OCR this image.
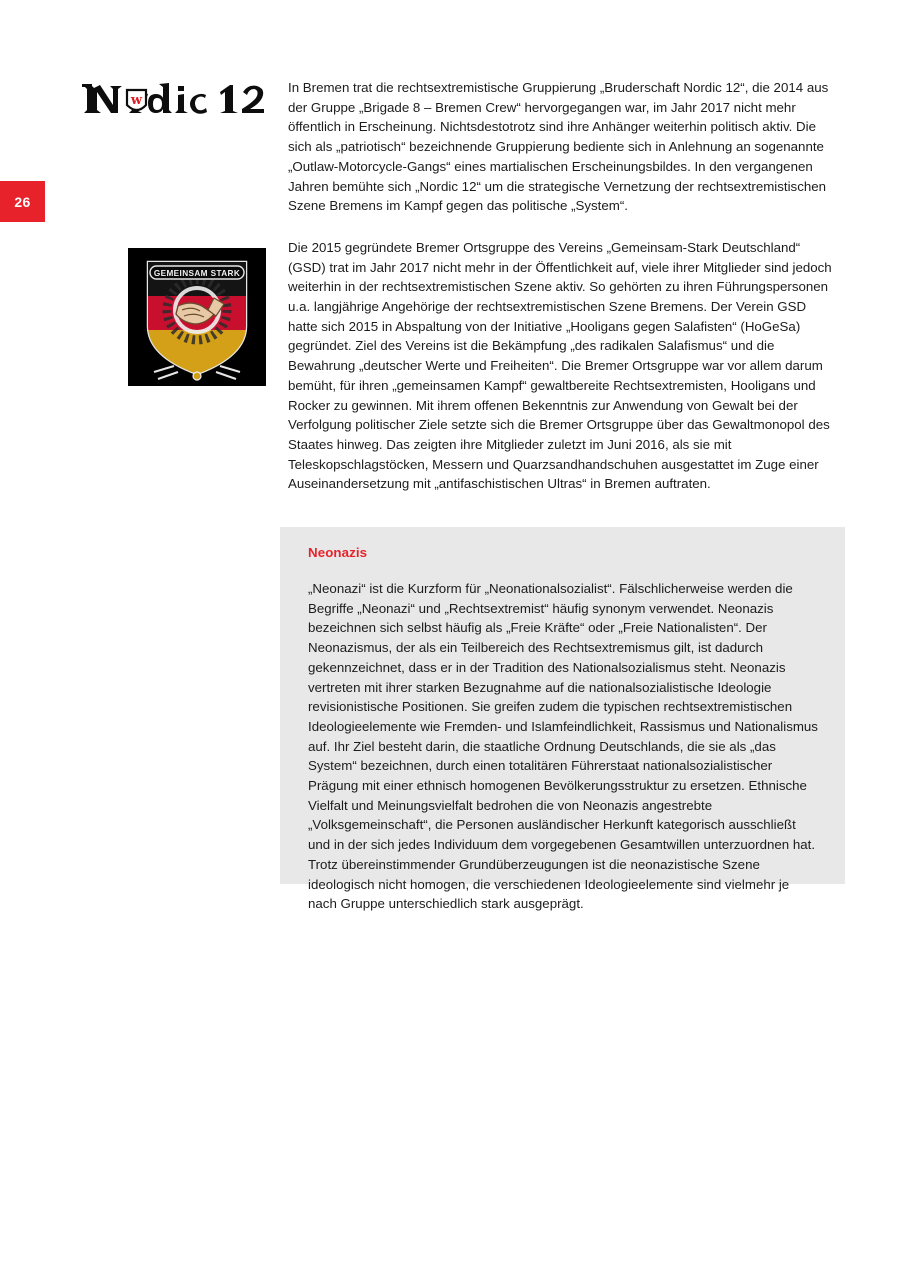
26
w
GEMEINSAM STARK

In Bremen trat die rechtsextremistische Gruppierung „Bruderschaft Nordic 12“, die 2014 aus der Gruppe „Brigade 8 – Bremen Crew“ hervorgegangen war, im Jahr 2017 nicht mehr öffentlich in Erscheinung. Nichtsdestotrotz sind ihre Anhänger weiterhin politisch aktiv. Die sich als „patriotisch“ bezeichnende Gruppierung bediente sich in Anlehnung an sogenannte „Outlaw-Motorcycle-Gangs“ eines martialischen Erscheinungsbildes. In den vergangenen Jahren bemühte sich „Nordic 12“ um die strategische Vernetzung der rechtsextremistischen Szene Bremens im Kampf gegen das politische „System“.

Die 2015 gegründete Bremer Ortsgruppe des Vereins „Gemeinsam-Stark Deutschland“ (GSD) trat im Jahr 2017 nicht mehr in der Öffentlichkeit auf, viele ihrer Mitglieder sind jedoch weiterhin in der rechtsextremistischen Szene aktiv. So gehörten zu ihren Führungspersonen u.a. langjährige Angehörige der rechtsextremistischen Szene Bremens. Der Verein GSD hatte sich 2015 in Abspaltung von der Initiative „Hooligans gegen Salafisten“ (HoGeSa) gegründet. Ziel des Vereins ist die Bekämpfung „des radikalen Salafismus“ und die Bewahrung „deutscher Werte und Freiheiten“. Die Bremer Ortsgruppe war vor allem darum bemüht, für ihren „gemeinsamen Kampf“ gewaltbereite Rechtsextremisten, Hooligans und Rocker zu gewinnen. Mit ihrem offenen Bekenntnis zur Anwendung von Gewalt bei der Verfolgung politischer Ziele setzte sich die Bremer Ortsgruppe über das Gewaltmonopol des Staates hinweg. Das zeigten ihre Mitglieder zuletzt im Juni 2016, als sie mit Teleskopschlagstöcken, Messern und Quarzsandhandschuhen ausgestattet im Zuge einer Auseinandersetzung mit „antifaschistischen Ultras“ in Bremen auftraten.

Neonazis

„Neonazi“ ist die Kurzform für „Neonationalsozialist“. Fälschlicherweise werden die Begriffe „Neonazi“ und „Rechtsextremist“ häufig synonym verwendet. Neonazis bezeichnen sich selbst häufig als „Freie Kräfte“ oder „Freie Nationalisten“. Der Neonazismus, der als ein Teilbereich des Rechtsextremismus gilt, ist dadurch gekennzeichnet, dass er in der Tradition des Nationalsozialismus steht. Neonazis vertreten mit ihrer starken Bezugnahme auf die nationalsozialistische Ideologie revisionistische Positionen. Sie greifen zudem die typischen rechtsextremistischen Ideologieelemente wie Fremden- und Islamfeindlichkeit, Rassismus und Nationalismus auf. Ihr Ziel besteht darin, die staatliche Ordnung Deutschlands, die sie als „das System“ bezeichnen, durch einen totalitären Führerstaat nationalsozialistischer Prägung mit einer ethnisch homogenen Bevölkerungsstruktur zu ersetzen. Ethnische Vielfalt und Meinungsvielfalt bedrohen die von Neonazis angestrebte „Volksgemeinschaft“, die Personen ausländischer Herkunft kategorisch ausschließt und in der sich jedes Individuum dem vorgegebenen Gesamtwillen unterzuordnen hat. Trotz übereinstimmender Grundüberzeugungen ist die neonazistische Szene ideologisch nicht homogen, die verschiedenen Ideologieelemente sind vielmehr je nach Gruppe unterschiedlich stark ausgeprägt.
